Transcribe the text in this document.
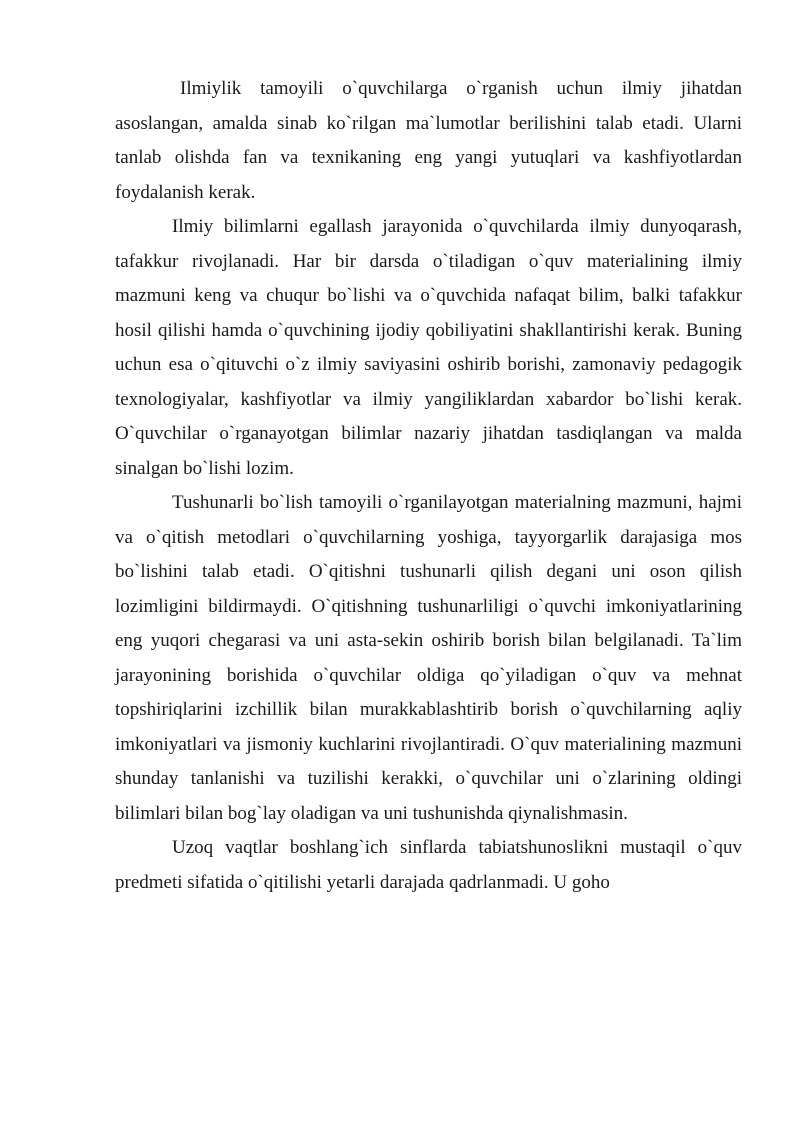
Ilmiylik tamoyili o`quvchilarga o`rganish uchun ilmiy jihatdan asoslangan, amalda sinab ko`rilgan ma`lumotlar berilishini talab etadi. Ularni tanlab olishda fan va texnikaning eng yangi yutuqlari va kashfiyotlardan foydalanish kerak.

Ilmiy bilimlarni egallash jarayonida o`quvchilarda ilmiy dunyoqarash, tafakkur rivojlanadi. Har bir darsda o`tiladigan o`quv materialining ilmiy mazmuni keng va chuqur bo`lishi va o`quvchida nafaqat bilim, balki tafakkur hosil qilishi hamda o`quvchining ijodiy qobiliyatini shakllantirishi kerak. Buning uchun esa o`qituvchi o`z ilmiy saviyasini oshirib borishi, zamonaviy pedagogik texnologiyalar, kashfiyotlar va ilmiy yangiliklardan xabardor bo`lishi kerak. O`quvchilar o`rganayotgan bilimlar nazariy jihatdan tasdiqlangan va malda sinalgan bo`lishi lozim.

Tushunarli bo`lish tamoyili o`rganilayotgan materialning mazmuni, hajmi va o`qitish metodlari o`quvchilarning yoshiga, tayyorgarlik darajasiga mos bo`lishini talab etadi. O`qitishni tushunarli qilish degani uni oson qilish lozimligini bildirmaydi. O`qitishning tushunarliligi o`quvchi imkoniyatlarining eng yuqori chegarasi va uni asta-sekin oshirib borish bilan belgilanadi. Ta`lim jarayonining borishida o`quvchilar oldiga qo`yiladigan o`quv va mehnat topshiriqlarini izchillik bilan murakkablashtirib borish o`quvchilarning aqliy imkoniyatlari va jismoniy kuchlarini rivojlantiradi. O`quv materialining mazmuni shunday tanlanishi va tuzilishi kerakki, o`quvchilar uni o`zlarining oldingi bilimlari bilan bog`lay oladigan va uni tushunishda qiynalishmasin.

Uzoq vaqtlar boshlang`ich sinflarda tabiatshunoslikni mustaqil o`quv predmeti sifatida o`qitilishi yetarli darajada qadrlanmadi. U goho
